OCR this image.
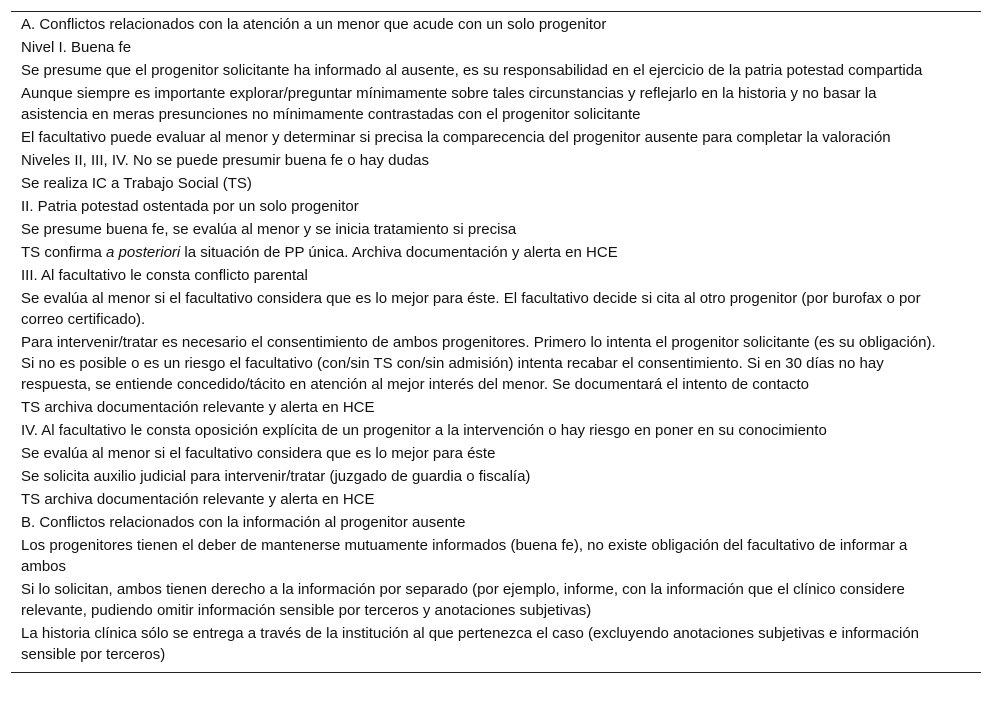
A. Conflictos relacionados con la atención a un menor que acude con un solo progenitor
Nivel I. Buena fe
Se presume que el progenitor solicitante ha informado al ausente, es su responsabilidad en el ejercicio de la patria potestad compartida
Aunque siempre es importante explorar/preguntar mínimamente sobre tales circunstancias y reflejarlo en la historia y no basar la asistencia en meras presunciones no mínimamente contrastadas con el progenitor solicitante
El facultativo puede evaluar al menor y determinar si precisa la comparecencia del progenitor ausente para completar la valoración
Niveles II, III, IV. No se puede presumir buena fe o hay dudas
Se realiza IC a Trabajo Social (TS)
II. Patria potestad ostentada por un solo progenitor
Se presume buena fe, se evalúa al menor y se inicia tratamiento si precisa
TS confirma a posteriori la situación de PP única. Archiva documentación y alerta en HCE
III. Al facultativo le consta conflicto parental
Se evalúa al menor si el facultativo considera que es lo mejor para éste. El facultativo decide si cita al otro progenitor (por burofax o por correo certificado).
Para intervenir/tratar es necesario el consentimiento de ambos progenitores. Primero lo intenta el progenitor solicitante (es su obligación). Si no es posible o es un riesgo el facultativo (con/sin TS con/sin admisión) intenta recabar el consentimiento. Si en 30 días no hay respuesta, se entiende concedido/tácito en atención al mejor interés del menor. Se documentará el intento de contacto
TS archiva documentación relevante y alerta en HCE
IV. Al facultativo le consta oposición explícita de un progenitor a la intervención o hay riesgo en poner en su conocimiento
Se evalúa al menor si el facultativo considera que es lo mejor para éste
Se solicita auxilio judicial para intervenir/tratar (juzgado de guardia o fiscalía)
TS archiva documentación relevante y alerta en HCE
B. Conflictos relacionados con la información al progenitor ausente
Los progenitores tienen el deber de mantenerse mutuamente informados (buena fe), no existe obligación del facultativo de informar a ambos
Si lo solicitan, ambos tienen derecho a la información por separado (por ejemplo, informe, con la información que el clínico considere relevante, pudiendo omitir información sensible por terceros y anotaciones subjetivas)
La historia clínica sólo se entrega a través de la institución al que pertenezca el caso (excluyendo anotaciones subjetivas e información sensible por terceros)
